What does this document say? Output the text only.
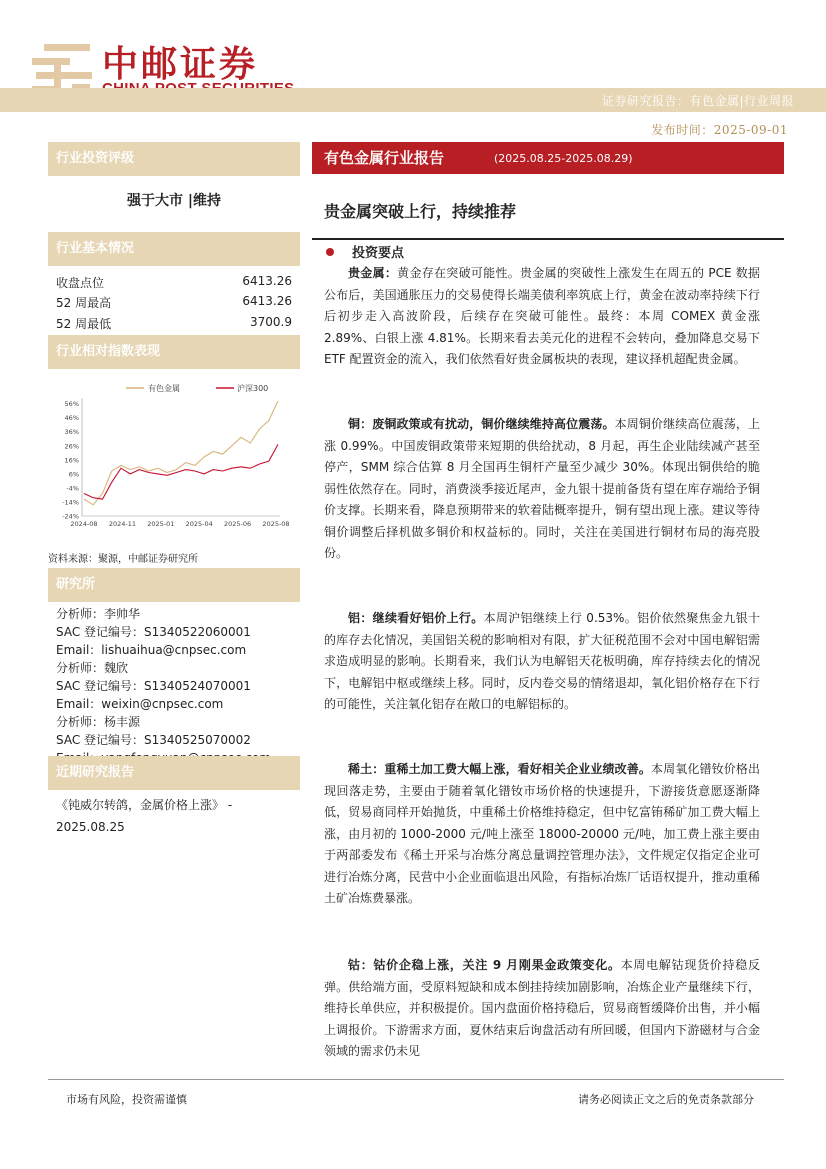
中邮证券
证券研究报告：有色金属|行业周报
发布时间：2025-09-01
行业投资评级
强于大市 |维持
行业基本情况
收盘点位	6413.26
52 周最高	6413.26
52 周最低	3700.9
行业相对指数表现
有色金属	沪深300
56%
46%
36%
26%
16%
6%
-4%
-14%
-24%
2024-08 2024-11 2025-01 2025-04 2025-06 2025-08
资料来源：聚源，中邮证券研究所
研究所
分析师：李帅华
SAC 登记编号：S1340522060001
Email：lishuaihua@cnpsec.com
分析师：魏欣
SAC 登记编号：S1340524070001
Email：weixin@cnpsec.com
分析师：杨丰源
SAC 登记编号：S1340525070002
近期研究报告
《钝威尔转鸽，金属价格上涨》 - 2025.08.25
有色金属行业报告	(2025.08.25-2025.08.29)
贵金属突破上行，持续推荐
投资要点
贵金属：黄金存在突破可能性。贵金属的突破性上涨发生在周五的 PCE 数据公布后，美国通胀压力的交易使得长端美债利率筑底上行，黄金在波动率持续下行后初步走入高波阶段，后续存在突破可能性。最终：本周 COMEX 黄金涨 2.89%、白银上涨 4.81%。长期来看去美元化的进程不会转向，叠加降息交易下 ETF 配置资金的流入，我们依然看好贵金属板块的表现，建议择机超配贵金属。
铜：废铜政策或有扰动，铜价继续维持高位震荡。本周铜价继续高位震荡，上涨 0.99%。中国废铜政策带来短期的供给扰动，8 月起，再生企业陆续减产甚至停产，SMM 综合估算 8 月全国再生铜杆产量至少减少 30%。体现出铜供给的脆弱性依然存在。同时，消费淡季接近尾声，金九银十提前备货有望在库存端给予铜价支撑。长期来看，降息预期带来的软着陆概率提升，铜有望出现上涨。建议等待铜价调整后择机做多铜价和权益标的。同时，关注在美国进行铜材布局的海亮股份。
铝：继续看好铝价上行。本周沪铝继续上行 0.53%。铝价依然聚焦金九银十的库存去化情况，美国铝关税的影响相对有限，扩大征税范围不会对中国电解铝需求造成明显的影响。长期看来，我们认为电解铝天花板明确，库存持续去化的情况下，电解铝中枢或继续上移。同时，反内卷交易的情绪退却，氧化铝价格存在下行的可能性，关注氧化铝存在敞口的电解铝标的。
稀土：重稀土加工费大幅上涨，看好相关企业业绩改善。本周氧化镨钕价格出现回落走势，主要由于随着氧化镨钕市场价格的快速提升，下游接货意愿逐渐降低，贸易商同样开始抛货，中重稀土价格维持稳定，但中钇富铕稀矿加工费大幅上涨，由月初的 1000-2000 元/吨上涨至 18000-20000 元/吨，加工费上涨主要由于两部委发布《稀土开采与冶炼分离总量调控管理办法》，文件规定仅指定企业可进行冶炼分离，民营中小企业面临退出风险，有指标冶炼厂话语权提升，推动重稀土矿冶炼费暴涨。
钴：钴价企稳上涨，关注 9 月刚果金政策变化。本周电解钴现货价持稳反弹。供给端方面，受原料短缺和成本倒挂持续加剧影响，冶炼企业产量继续下行，维持长单供应，并积极提价。国内盘面价格持稳后，贸易商暂缓降价出售，并小幅上调报价。下游需求方面，夏休结束后询盘活动有所回暖，但国内下游磁材与合金领域的需求仍未见
市场有风险，投资需谨慎	请务必阅读正文之后的免责条款部分
